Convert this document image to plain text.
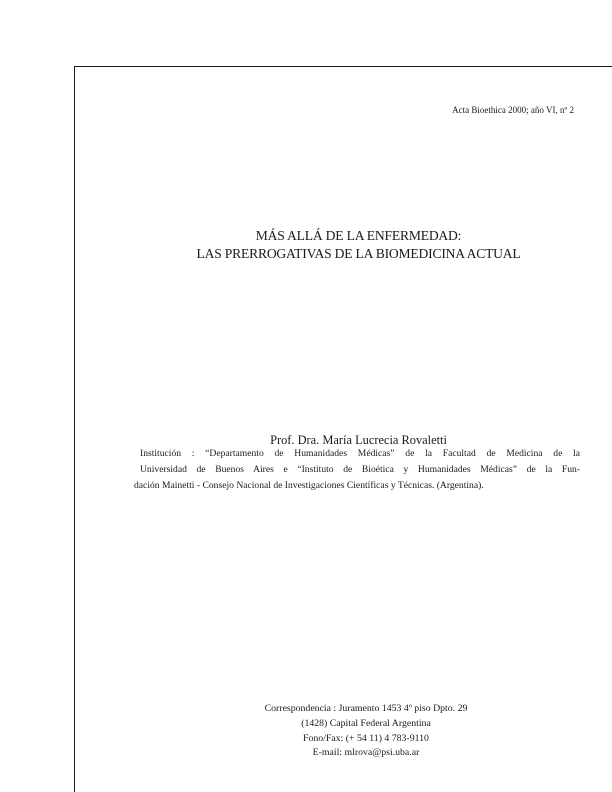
Acta Bioethica 2000; año VI, nº 2
MÁS ALLÁ DE LA ENFERMEDAD:
LAS PRERROGATIVAS DE LA BIOMEDICINA ACTUAL
Prof. Dra. María Lucrecia Rovaletti
Institución : “Departamento de Humanidades Médicas” de la Facultad de Medicina de la
Universidad de Buenos Aires e “Instituto de Bioética y Humanidades Médicas” de la Fun-
dación Mainetti - Consejo Nacional de Investigaciones Científicas y Técnicas. (Argentina).
Correspondencia : Juramento 1453 4º piso Dpto. 29
(1428) Capital Federal Argentina
Fono/Fax: (+ 54 11) 4 783-9110
E-mail: mlrova@psi.uba.ar
